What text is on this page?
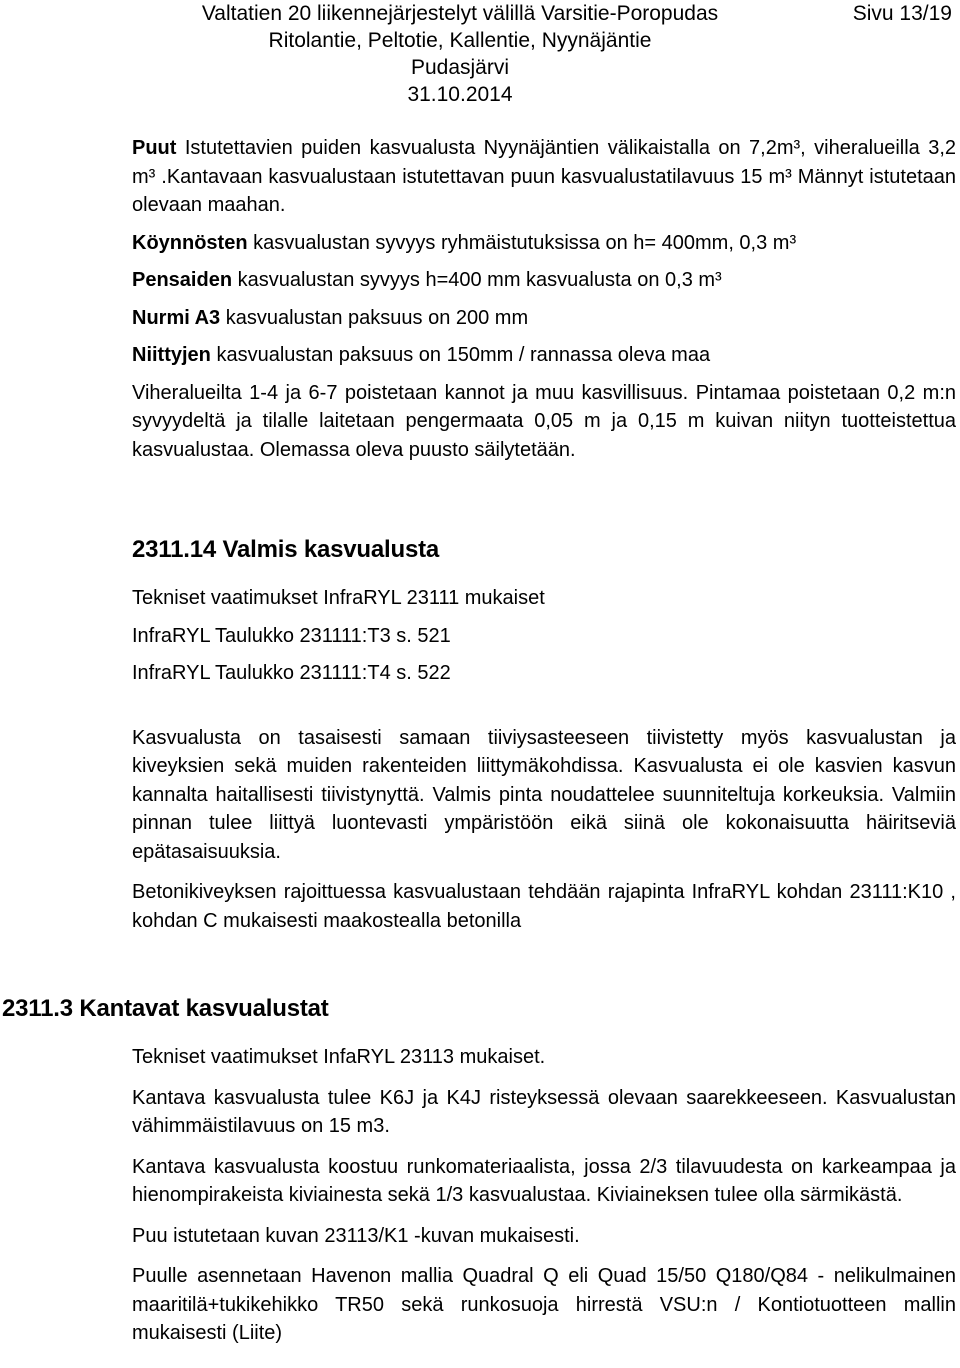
Valtatien 20 liikennejärjestelyt välillä Varsitie-Poropudas
Ritolantie, Peltotie, Kallentie, Nyynäjäntie
Pudasjärvi
31.10.2014
Sivu 13/19

Puut Istutettavien puiden kasvualusta Nyynäjäntien välikaistalla on 7,2m³, viheralueilla 3,2 m³ .Kantavaan kasvualustaan istutettavan puun kasvualustatilavuus 15 m³ Männyt istutetaan olevaan maahan.

Köynnösten kasvualustan syvyys ryhmäistutuksissa on h= 400mm, 0,3 m³

Pensaiden kasvualustan syvyys h=400 mm kasvualusta on 0,3 m³

Nurmi A3 kasvualustan paksuus on 200 mm

Niittyjen kasvualustan paksuus on 150mm / rannassa oleva maa

Viheralueilta 1-4 ja 6-7 poistetaan kannot ja muu kasvillisuus. Pintamaa poistetaan 0,2 m:n syvyydeltä ja tilalle laitetaan pengermaata 0,05 m ja 0,15 m kuivan niityn tuotteistettua kasvualustaa. Olemassa oleva puusto säilytetään.

2311.14 Valmis kasvualusta

Tekniset vaatimukset InfraRYL 23111 mukaiset

InfraRYL Taulukko 231111:T3 s. 521

InfraRYL Taulukko 231111:T4 s. 522

Kasvualusta on tasaisesti samaan tiiviysasteeseen tiivistetty myös kasvualustan ja kiveyksien sekä muiden rakenteiden liittymäkohdissa. Kasvualusta ei ole kasvien kasvun kannalta haitallisesti tiivistynyttä. Valmis pinta noudattelee suunniteltuja korkeuksia. Valmiin pinnan tulee liittyä luontevasti ympäristöön eikä siinä ole kokonaisuutta häiritseviä epätasaisuuksia.

Betonikiveyksen rajoittuessa kasvualustaan tehdään rajapinta InfraRYL kohdan 23111:K10 , kohdan C mukaisesti maakostealla betonilla

2311.3 Kantavat kasvualustat

Tekniset vaatimukset InfaRYL 23113 mukaiset.

Kantava kasvualusta tulee K6J ja K4J risteyksessä olevaan saarekkeeseen. Kasvualustan vähimmäistilavuus on 15 m3.

Kantava kasvualusta koostuu runkomateriaalista, jossa 2/3 tilavuudesta on karkeampaa ja hienompirakeista kiviainesta sekä 1/3 kasvualustaa. Kiviaineksen tulee olla särmikästä.

Puu istutetaan kuvan 23113/K1 -kuvan mukaisesti.

Puulle asennetaan Havenon mallia Quadral Q eli Quad 15/50 Q180/Q84 - nelikulmainen maaritilä+tukikehikko TR50 sekä runkosuoja hirrestä VSU:n / Kontiotuotteen mallin mukaisesti (Liite)
